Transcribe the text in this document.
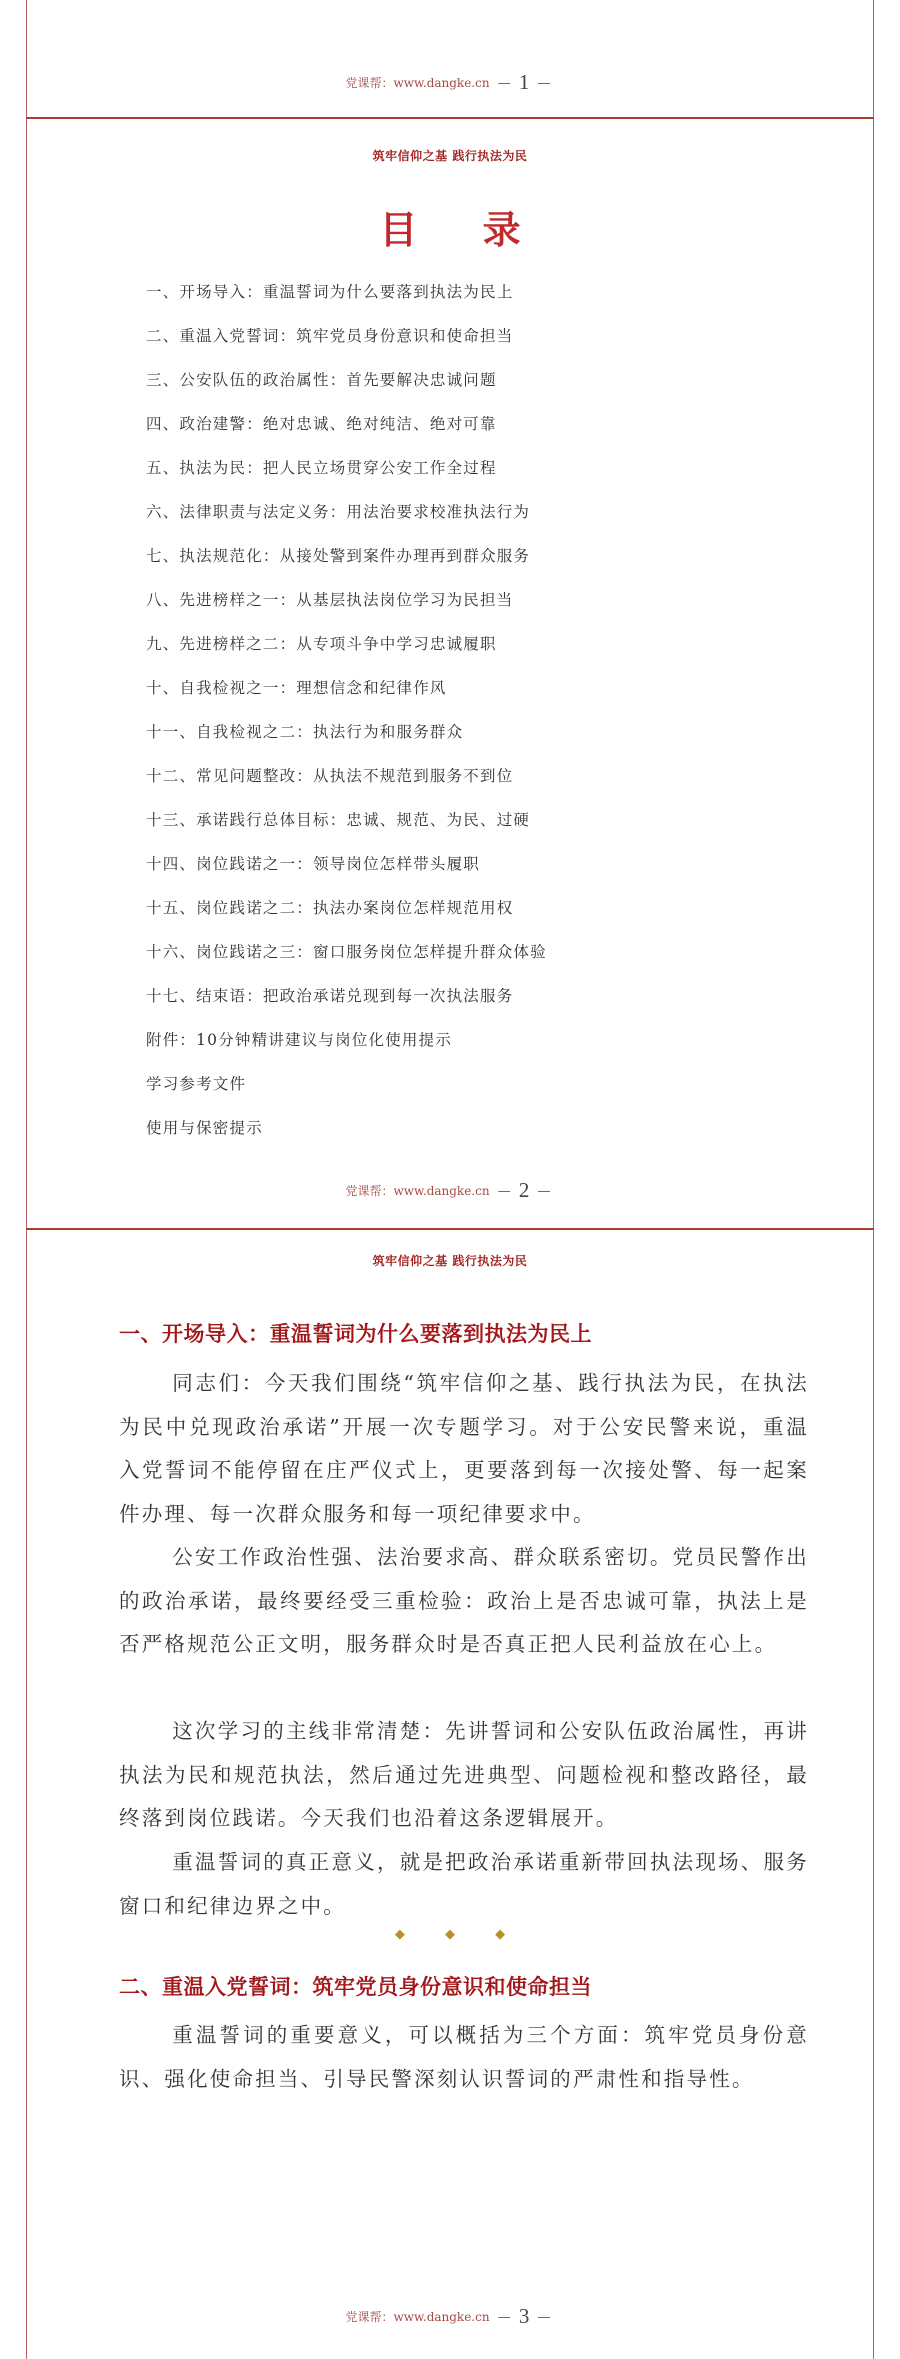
党课帮：www.dangke.cn — 1 —
筑牢信仰之基 践行执法为民
目 录
一、开场导入：重温誓词为什么要落到执法为民上
二、重温入党誓词：筑牢党员身份意识和使命担当
三、公安队伍的政治属性：首先要解决忠诚问题
四、政治建警：绝对忠诚、绝对纯洁、绝对可靠
五、执法为民：把人民立场贯穿公安工作全过程
六、法律职责与法定义务：用法治要求校准执法行为
七、执法规范化：从接处警到案件办理再到群众服务
八、先进榜样之一：从基层执法岗位学习为民担当
九、先进榜样之二：从专项斗争中学习忠诚履职
十、自我检视之一：理想信念和纪律作风
十一、自我检视之二：执法行为和服务群众
十二、常见问题整改：从执法不规范到服务不到位
十三、承诺践行总体目标：忠诚、规范、为民、过硬
十四、岗位践诺之一：领导岗位怎样带头履职
十五、岗位践诺之二：执法办案岗位怎样规范用权
十六、岗位践诺之三：窗口服务岗位怎样提升群众体验
十七、结束语：把政治承诺兑现到每一次执法服务
附件：10分钟精讲建议与岗位化使用提示
学习参考文件
使用与保密提示
党课帮：www.dangke.cn — 2 —
筑牢信仰之基 践行执法为民
一、开场导入：重温誓词为什么要落到执法为民上

同志们：今天我们围绕“筑牢信仰之基、践行执法为民，在执法为民中兑现政治承诺”开展一次专题学习。对于公安民警来说，重温入党誓词不能停留在庄严仪式上，更要落到每一次接处警、每一起案件办理、每一次群众服务和每一项纪律要求中。

公安工作政治性强、法治要求高、群众联系密切。党员民警作出的政治承诺，最终要经受三重检验：政治上是否忠诚可靠，执法上是否严格规范公正文明，服务群众时是否真正把人民利益放在心上。

这次学习的主线非常清楚：先讲誓词和公安队伍政治属性，再讲执法为民和规范执法，然后通过先进典型、问题检视和整改路径，最终落到岗位践诺。今天我们也沿着这条逻辑展开。

重温誓词的真正意义，就是把政治承诺重新带回执法现场、服务窗口和纪律边界之中。

◆ ◆ ◆
二、重温入党誓词：筑牢党员身份意识和使命担当

重温誓词的重要意义，可以概括为三个方面：筑牢党员身份意识、强化使命担当、引导民警深刻认识誓词的严肃性和指导性。

党课帮：www.dangke.cn — 3 —
